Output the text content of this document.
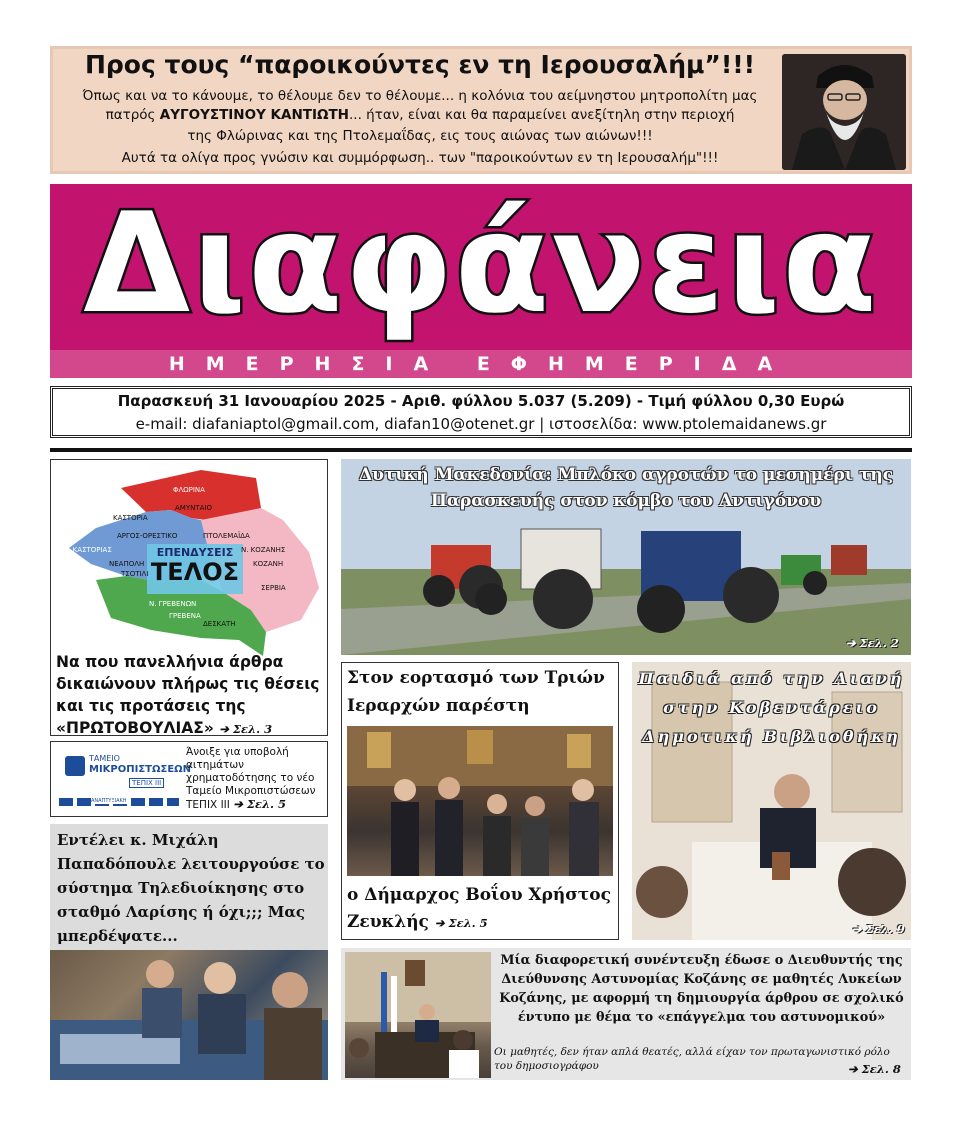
Προς τους “παροικούντες εν τη Ιερουσαλήμ”!!!
Όπως και να το κάνουμε, το θέλουμε δεν το θέλουμε... η κολόνια του αείμνηστου μητροπολίτη μας
πατρός ΑΥΓΟΥΣΤΙΝΟΥ ΚΑΝΤΙΩΤΗ... ήταν, είναι και θα παραμείνει ανεξίτηλη στην περιοχή
της Φλώρινας και της Πτολεμαΐδας, εις τους αιώνας των αιώνων!!!
Αυτά τα ολίγα προς γνώσιν και συμμόρφωση.. των "παροικούντων εν τη Ιερουσαλήμ"!!!
Διαφάνεια
ΗΜΕΡΗΣΙΑ ΕΦΗΜΕΡΙΔΑ
Παρασκευή 31 Ιανουαρίου 2025 - Αριθ. φύλλου 5.037 (5.209) - Τιμή φύλλου 0,30 Ευρώ
e-mail: diafaniaptol@gmail.com, diafan10@otenet.gr | ιστοσελίδα: www.ptolemaidanews.gr
Ν. ΦΛΩΡΙΝΑΣ
ΦΛΩΡΙΝΑ
ΑΜΥΝΤΑΙΟ
ΚΑΣΤΟΡΙΑ
ΑΡΓΟΣ-ΟΡΕΣΤΙΚΟ	ΠΤΟΛΕΜΑΪΔΑ
Ν. ΚΑΣΤΟΡΙΑΣ
ΚΟΖΑΝΗ
ΝΕΑΠΟΛΗ
Ν. ΚΟΖΑΝΗΣ
ΤΣΟΤΙΛΙ
ΣΕΡΒΙΑ
Ν. ΓΡΕΒΕΝΩΝ
ΓΡΕΒΕΝΑ
ΔΕΣΚΑΤΗ
ΕΠΕΝΔΥΣΕΙΣ
ΤΕΛΟΣ
Να που πανελλήνια άρθρα δικαιώνουν πλήρως τις θέσεις και τις προτάσεις της «ΠΡΩΤΟΒΟΥΛΙΑΣ» ➔ Σελ. 3
ΤΑΜΕΙΟ
ΜΙΚΡΟΠΙΣΤΩΣΕΩΝ
ΤΕΠΙΧ ΙΙΙ
ΑΝΑΠΤΥΞΙΑΚΗ
Άνοιξε για υποβολή αιτημάτων χρηματοδότησης το νέο Ταμείο Μικροπιστώσεων ΤΕΠΙΧ ΙΙΙ ➔ Σελ. 5
Εντέλει κ. Μιχάλη Παπαδόπουλε λειτουργούσε το σύστημα Τηλεδιοίκησης στο σταθμό Λαρίσης ή όχι;;; Μας μπερδέψατε...
Δυτική Μακεδονία: Μπλόκο αγροτών το μεσημέρι της Παρασκευής στον κόμβο του Αντιγόνου
➔ Σελ. 2
Στον εορτασμό των Τριών Ιεραρχών παρέστη
ο Δήμαρχος Βοΐου Χρήστος Ζευκλής ➔ Σελ. 5
Παιδιά από την Αιανή στην Κοβεντάρειο Δημοτική Βιβλιοθήκη
➔ Σελ. 9
Μία διαφορετική συνέντευξη έδωσε ο Διευθυντής της Διεύθυνσης Αστυνομίας Κοζάνης σε μαθητές Λυκείων Κοζάνης, με αφορμή τη δημιουργία άρθρου σε σχολικό έντυπο με θέμα το «επάγγελμα του αστυνομικού»
Οι μαθητές, δεν ήταν απλά θεατές, αλλά είχαν τον πρωταγωνιστικό ρόλο του δημοσιογράφου	➔ Σελ. 8
